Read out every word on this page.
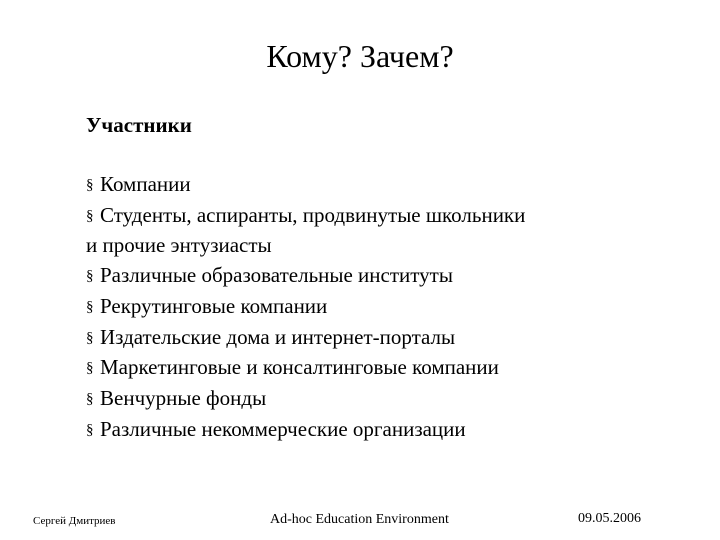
Кому? Зачем?
Участники
§ Компании
§ Студенты, аспиранты, продвинутые школьники
и прочие энтузиасты
§ Различные образовательные институты
§ Рекрутинговые компании
§ Издательские дома и интернет-порталы
§ Маркетинговые и консалтинговые компании
§ Венчурные фонды
§ Различные некоммерческие организации
Сергей Дмитриев	Ad-hoc Education Environment	09.05.2006
